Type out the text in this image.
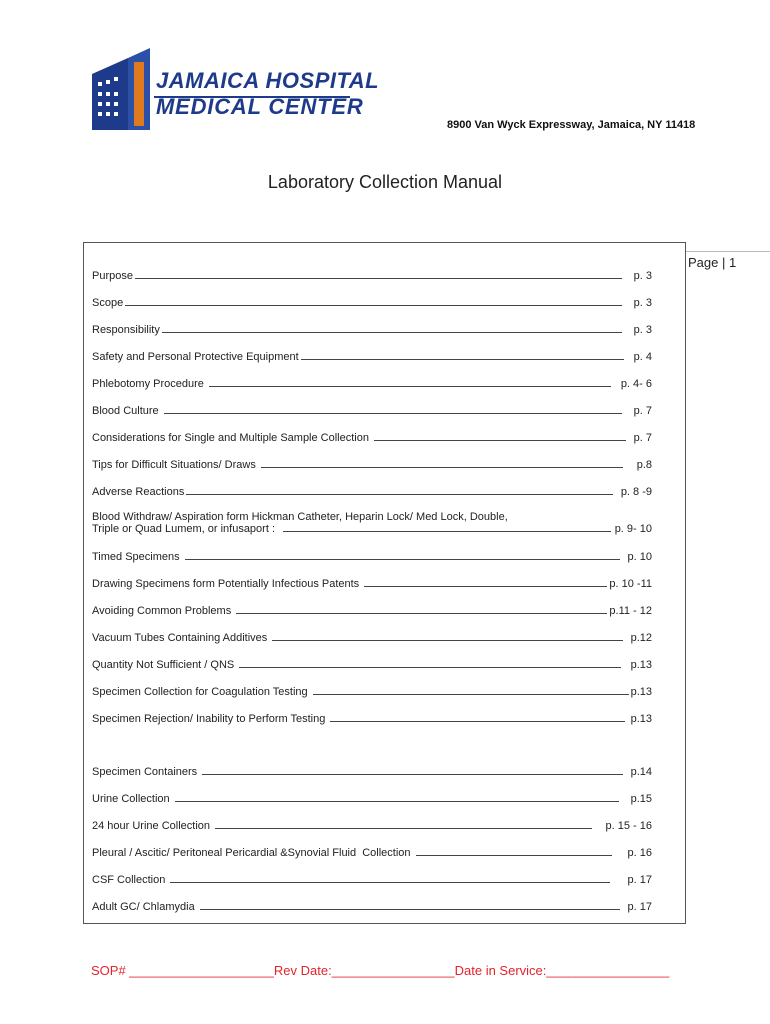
JAMAICA HOSPITAL
MEDICAL CENTER
8900 Van Wyck Expressway, Jamaica, NY 11418
Laboratory Collection Manual
Page | 1
Purpose	p. 3
Scope	p. 3
Responsibility	p. 3
Safety and Personal Protective Equipment	p. 4
Phlebotomy Procedure	p. 4- 6
Blood Culture	p. 7
Considerations for Single and Multiple Sample Collection	p. 7
Tips for Difficult Situations/ Draws	p.8
Adverse Reactions	p. 8 -9
Blood Withdraw/ Aspiration form Hickman Catheter, Heparin Lock/ Med Lock, Double,
Triple or Quad Lumem, or infusaport :	p. 9- 10
Timed Specimens	p. 10
Drawing Specimens form Potentially Infectious Patents	p. 10 -11
Avoiding Common Problems	p.11 - 12
Vacuum Tubes Containing Additives	p.12
Quantity Not Sufficient / QNS	p.13
Specimen Collection for Coagulation Testing	p.13
Specimen Rejection/ Inability to Perform Testing	p.13
Specimen Containers	p.14
Urine Collection	p.15
24 hour Urine Collection	p. 15 - 16
Pleural / Ascitic/ Peritoneal Pericardial &Synovial Fluid  Collection	p. 16
CSF Collection	p. 17
Adult GC/ Chlamydia	p. 17
SOP# ____________________Rev Date:_________________Date in Service:_________________
